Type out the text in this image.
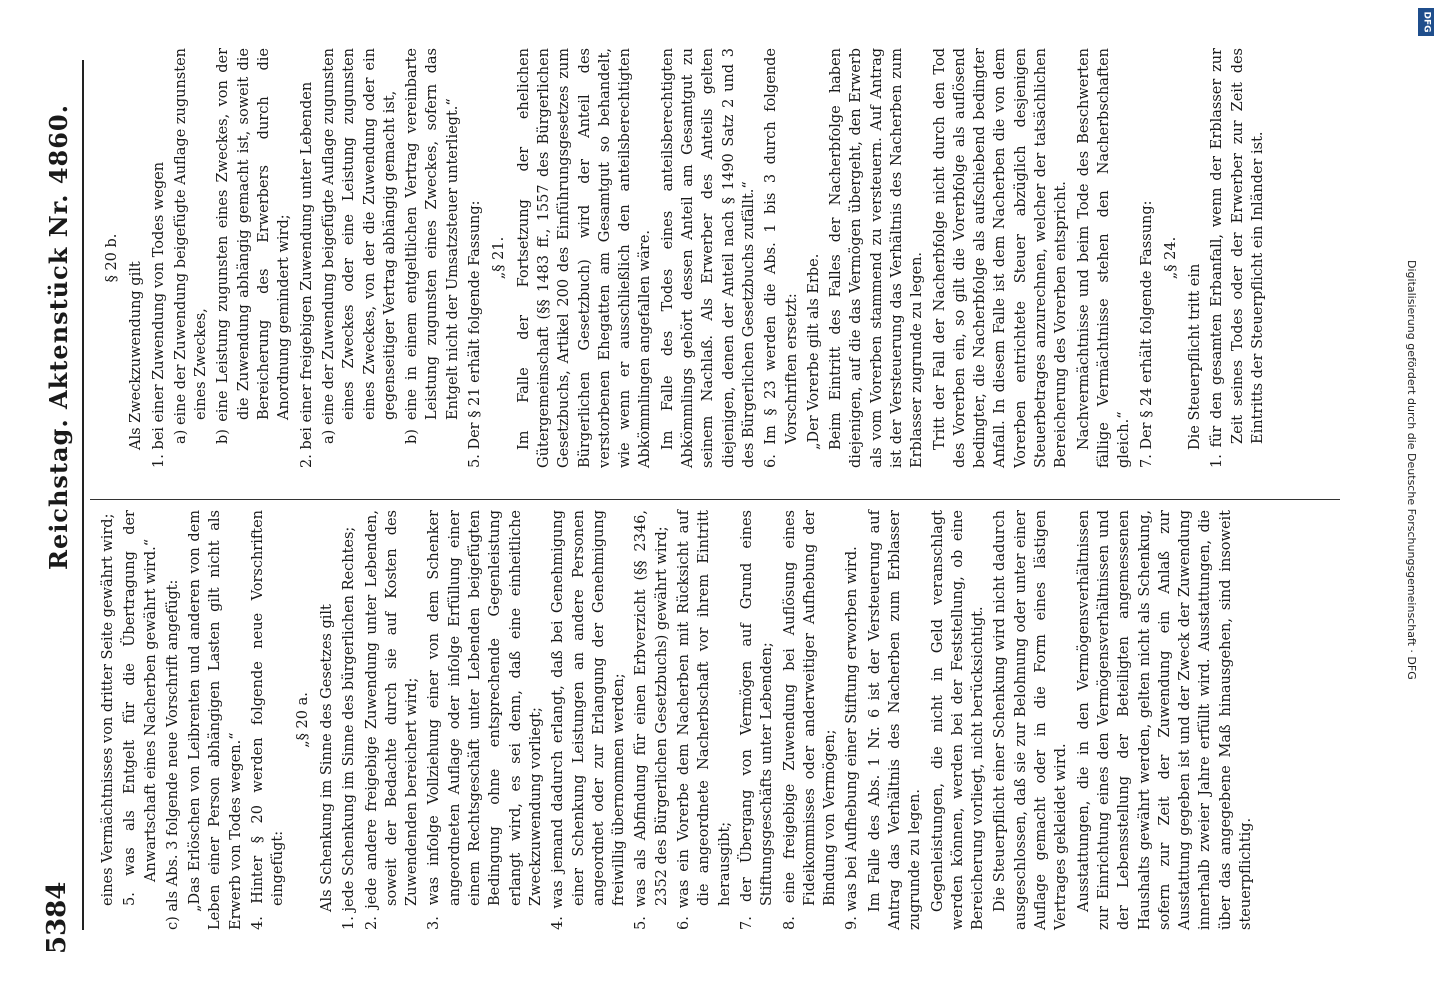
5384
Reichstag. Aktenstück Nr. 4860.

eines Vermächtnisses von dritter Seite gewährt wird; 5. was als Entgelt für die Übertragung der Anwartschaft eines Nacherben gewährt wird.“ c) als Abs. 3 folgende neue Vorschrift angefügt: „Das Erlöschen von Leibrenten und anderen von dem Leben einer Person abhängigen Lasten gilt nicht als Erwerb von Todes wegen.“ 4. Hinter § 20 werden folgende neue Vorschriften eingefügt:

„§ 20 a. Als Schenkung im Sinne des Gesetzes gilt 1. jede Schenkung im Sinne des bürgerlichen Rechtes; 2. jede andere freigebige Zuwendung unter Lebenden, soweit der Bedachte durch sie auf Kosten des Zuwendenden bereichert wird; 3. was infolge Vollziehung einer von dem Schenker angeordneten Auflage oder infolge Erfüllung einer einem Rechtsgeschäft unter Lebenden beigefügten Bedingung ohne entsprechende Gegenleistung erlangt wird, es sei denn, daß eine einheitliche Zweckzuwendung vorliegt; 4. was jemand dadurch erlangt, daß bei Genehmigung einer Schenkung Leistungen an andere Personen angeordnet oder zur Erlangung der Genehmigung freiwillig übernommen werden; 5. was als Abfindung für einen Erbverzicht (§§ 2346, 2352 des Bürgerlichen Gesetzbuchs) gewährt wird; 6. was ein Vorerbe dem Nacherben mit Rücksicht auf die angeordnete Nacherbschaft vor ihrem Eintritt herausgibt; 7. der Übergang von Vermögen auf Grund eines Stiftungsgeschäfts unter Lebenden; 8. eine freigebige Zuwendung bei Auflösung eines Fideikommisses oder anderweitiger Aufhebung der Bindung von Vermögen; 9. was bei Aufhebung einer Stiftung erworben wird. Im Falle des Abs. 1 Nr. 6 ist der Versteuerung auf Antrag das Verhältnis des Nacherben zum Erblasser zugrunde zu legen. Gegenleistungen, die nicht in Geld veranschlagt werden können, werden bei der Feststellung, ob eine Bereicherung vorliegt, nicht berücksichtigt. Die Steuerpflicht einer Schenkung wird nicht dadurch ausgeschlossen, daß sie zur Belohnung oder unter einer Auflage gemacht oder in die Form eines lästigen Vertrages gekleidet wird. Ausstattungen, die in den Vermögensverhältnissen zur Einrichtung eines den Vermögensverhältnissen und der Lebensstellung der Beteiligten angemessenen Haushalts gewährt werden, gelten nicht als Schenkung, sofern zur Zeit der Zuwendung ein Anlaß zur Ausstattung gegeben ist und der Zweck der Zuwendung innerhalb zweier Jahre erfüllt wird. Ausstattungen, die über das angegebene Maß hinausgehen, sind insoweit steuerpflichtig.

§ 20 b.

Als Zweckzuwendung gilt 1. bei einer Zuwendung von Todes wegen a) eine der Zuwendung beigefügte Auflage zugunsten eines Zweckes, b) eine Leistung zugunsten eines Zweckes, von der die Zuwendung abhängig gemacht ist, soweit die Bereicherung des Erwerbers durch die Anordnung gemindert wird; 2. bei einer freigebigen Zuwendung unter Lebenden a) eine der Zuwendung beigefügte Auflage zugunsten eines Zweckes oder eine Leistung zugunsten eines Zweckes, von der die Zuwendung oder ein gegenseitiger Vertrag abhängig gemacht ist, b) eine in einem entgeltlichen Vertrag vereinbarte Leistung zugunsten eines Zweckes, sofern das Entgelt nicht der Umsatzsteuer unterliegt.“ 5. Der § 21 erhält folgende Fassung: „§ 21. Im Falle der Fortsetzung der ehelichen Gütergemeinschaft (§§ 1483 ff., 1557 des Bürgerlichen Gesetzbuchs, Artikel 200 des Einführungsgesetzes zum Bürgerlichen Gesetzbuch) wird der Anteil des verstorbenen Ehegatten am Gesamtgut so behandelt, wie wenn er ausschließlich den anteilsberechtigten Abkömmlingen angefallen wäre. Im Falle des Todes eines anteilsberechtigten Abkömmlings gehört dessen Anteil am Gesamtgut zu seinem Nachlaß. Als Erwerber des Anteils gelten diejenigen, denen der Anteil nach § 1490 Satz 2 und 3 des Bürgerlichen Gesetzbuchs zufällt.“ 6. Im § 23 werden die Abs. 1 bis 3 durch folgende Vorschriften ersetzt: „Der Vorerbe gilt als Erbe. Beim Eintritt des Falles der Nacherbfolge haben diejenigen, auf die das Vermögen übergeht, den Erwerb als vom Vorerben stammend zu versteuern. Auf Antrag ist der Versteuerung das Verhältnis des Nacherben zum Erblasser zugrunde zu legen. Tritt der Fall der Nacherbfolge nicht durch den Tod des Vorerben ein, so gilt die Vorerbfolge als auflösend bedingter, die Nacherbfolge als aufschiebend bedingter Anfall. In diesem Falle ist dem Nacherben die von dem Vorerben entrichtete Steuer abzüglich desjenigen Steuerbetrages anzurechnen, welcher der tatsächlichen Bereicherung des Vorerben entspricht. Nachvermächtnisse und beim Tode des Beschwerten fällige Vermächtnisse stehen den Nacherbschaften gleich.“ 7. Der § 24 erhält folgende Fassung: „§ 24.

Die Steuerpflicht tritt ein 1. für den gesamten Erbanfall, wenn der Erblasser zur Zeit seines Todes oder der Erwerber zur Zeit des Eintritts der Steuerpflicht ein Inländer ist.

DFG
Digitalisierung gefördert durch die Deutsche Forschungsgemeinschaft · DFG
